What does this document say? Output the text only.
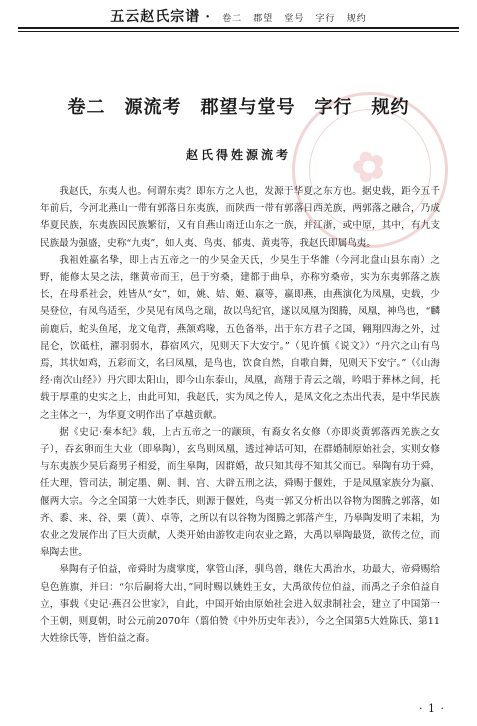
✿
五云赵氏宗谱 · 卷二 郡望 堂号 字行 规约
卷二　源流考　郡望与堂号　字行　规约
赵氏得姓源流考

我赵氏，东夷人也。何谓东夷？即东方之人也，发源于华夏之东方也。据史载，距今五千年前后，今河北燕山一带有郭落日东夷族，而陕西一带有郭落日西羌族，两郭落之融合，乃成华夏民族，东夷族因民族繁衍，又有自燕山南迁山东之一族，并江浙，或中原，其中，有九支民族最为强盛，史称“九夷”，如人夷、鸟夷、郁夷、黄夷等，我赵氏即属鸟夷。

我祖姓嬴名挚，即上古五帝之一的少昊金天氏，少昊生于华雒（今河北盘山县东南）之野，能修太昊之法，继黄帝而王，邑于穷桑，建都于曲阜，亦称穷桑帝，实为东夷郭落之族长，在母系社会，姓皆从“女”，如，姚、姞、姬、嬴等，嬴即燕，由燕演化为凤凰，史载，少昊登位，有凤鸟适至，少昊见有凤鸟之瑞，故以鸟纪官，遂以凤凰为图腾，凤凰，神鸟也，“麟前鹿后，蛇头鱼尾，龙文龟背，燕颔鸡喙，五色备举，出于东方君子之国，翱翔四海之外，过昆仑，饮砥柱，濯羽弱水，暮宿风穴，见则天下大安宁。”（见许慎《说文》）“丹穴之山有鸟焉，其状如鸡，五彩而文，名曰凤凰，是鸟也，饮食自然，自歌自舞，见则天下安宁。”（《山海经·南次山经》）丹穴即太阳山，即今山东泰山，凤凰，高翔于青云之端，吟唱于葬林之间，托载于厚重的史实之上，由此可知，我赵氏，实为凤之传人，是凤文化之杰出代表，是中华民族之主体之一，为华夏文明作出了卓越贡献。

据《史记·秦本纪》载，上古五帝之一的颛顼，有裔女名女修（亦即炎黄郭落西羌族之女子），吞玄卵而生大业（即皋陶），玄鸟则凤凰，透过神话可知，在群婚制原始社会，实则女修与东夷族少昊后裔男子相爱，而生皋陶，因群婚，故只知其母不知其父而已。皋陶有功于舜，任大理，管司法，制定墨、劓、剕、宫、大辟五刑之法，舜赐于偃姓，于是凤凰家族分为嬴、偃两大宗。今之全国第一大姓李氏，则源于偃姓，鸟夷一郭又分析出以谷物为图腾之郭落，如齐、黍、来、谷、栗（黄）、卓等，之所以有以谷物为图腾之郭落产生，乃皋陶发明了耒耜，为农业之发展作出了巨大贡献，人类开始由游牧走向农业之路，大禹以皋陶最贤，欲传之位，而皋陶去世。

皋陶有子伯益，帝舜时为虞掌度，掌管山泽，驯鸟兽，继佐大禹治水，功最大，帝舜赐给皂色旌旗，并曰：“尔后嗣将大出，”同时赐以姚姓王女，大禹欲传位伯益，而禹之子余伯益自立，事载《史记·燕召公世家》，自此，中国开始由原始社会进入奴隶制社会，建立了中国第一个王朝，则夏朝，时公元前2070年（翦伯赞《中外历史年表》），今之全国第5大姓陈氏、第11大姓徐氏等，皆伯益之裔。

· 1 ·
